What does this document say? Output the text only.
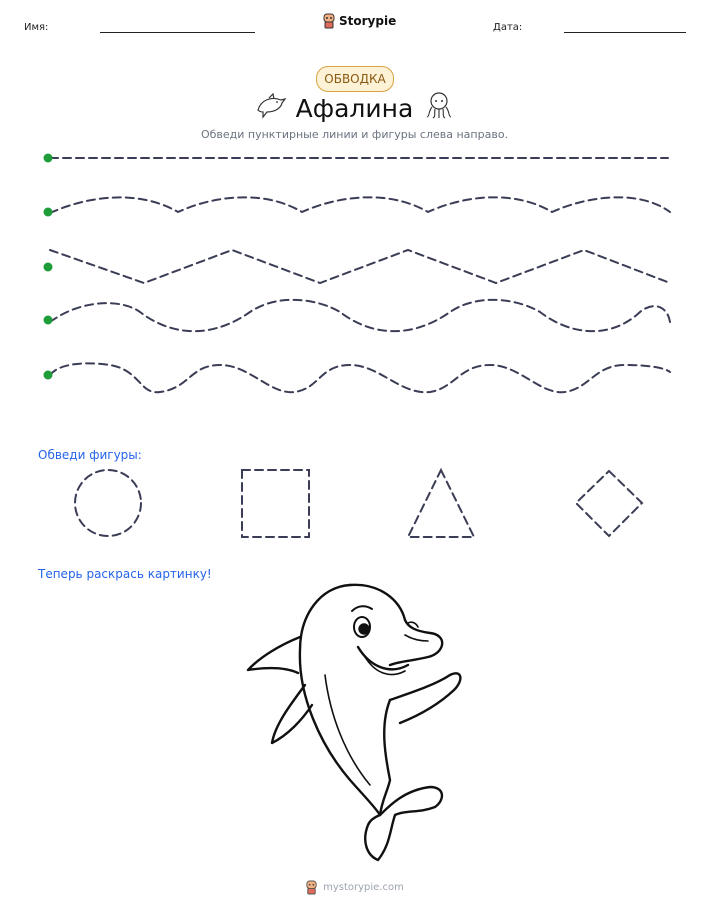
Имя:	Storypie	Дата:
ОБВОДКА
Афалина
Обведи пунктирные линии и фигуры слева направо.
Обведи фигуры:
Теперь раскрась картинку!
mystorypie.com
